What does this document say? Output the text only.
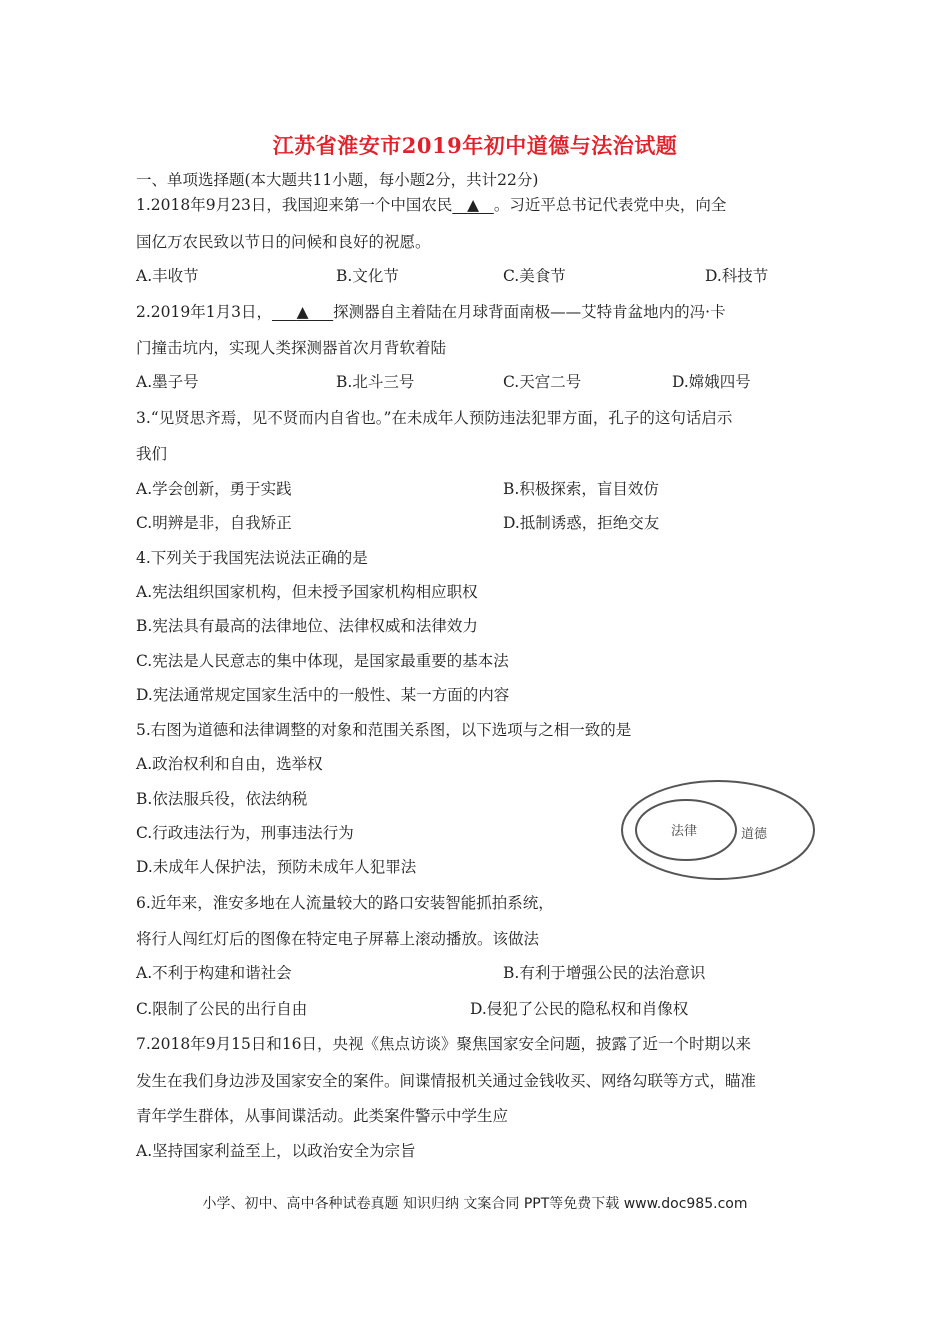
江苏省淮安市2019年初中道德与法治试题
一、单项选择题(本大题共11小题，每小题2分，共计22分)
1.2018年9月23日，我国迎来第一个中国农民 ▲ 。习近平总书记代表党中央，向全
国亿万农民致以节日的问候和良好的祝愿。
A.丰收节	B.文化节	C.美食节	D.科技节
2.2019年1月3日， ▲ 探测器自主着陆在月球背面南极——艾特肯盆地内的冯·卡
门撞击坑内，实现人类探测器首次月背软着陆
A.墨子号	B.北斗三号	C.天宫二号	D.嫦娥四号
3.“见贤思齐焉，见不贤而内自省也。”在未成年人预防违法犯罪方面，孔子的这句话启示
我们
A.学会创新，勇于实践	B.积极探索，盲目效仿
C.明辨是非，自我矫正	D.抵制诱惑，拒绝交友
4.下列关于我国宪法说法正确的是
A.宪法组织国家机构，但未授予国家机构相应职权
B.宪法具有最高的法律地位、法律权威和法律效力
C.宪法是人民意志的集中体现，是国家最重要的基本法
D.宪法通常规定国家生活中的一般性、某一方面的内容
5.右图为道德和法律调整的对象和范围关系图，以下选项与之相一致的是
A.政治权利和自由，选举权
B.依法服兵役，依法纳税
C.行政违法行为，刑事违法行为
D.未成年人保护法，预防未成年人犯罪法
法律	道德
6.近年来，淮安多地在人流量较大的路口安装智能抓拍系统，
将行人闯红灯后的图像在特定电子屏幕上滚动播放。该做法
A.不利于构建和谐社会	B.有利于增强公民的法治意识
C.限制了公民的出行自由	D.侵犯了公民的隐私权和肖像权
7.2018年9月15日和16日，央视《焦点访谈》聚焦国家安全问题，披露了近一个时期以来
发生在我们身边涉及国家安全的案件。间谍情报机关通过金钱收买、网络勾联等方式，瞄准
青年学生群体，从事间谍活动。此类案件警示中学生应
A.坚持国家利益至上，以政治安全为宗旨
小学、初中、高中各种试卷真题 知识归纳 文案合同 PPT等免费下载 www.doc985.com
